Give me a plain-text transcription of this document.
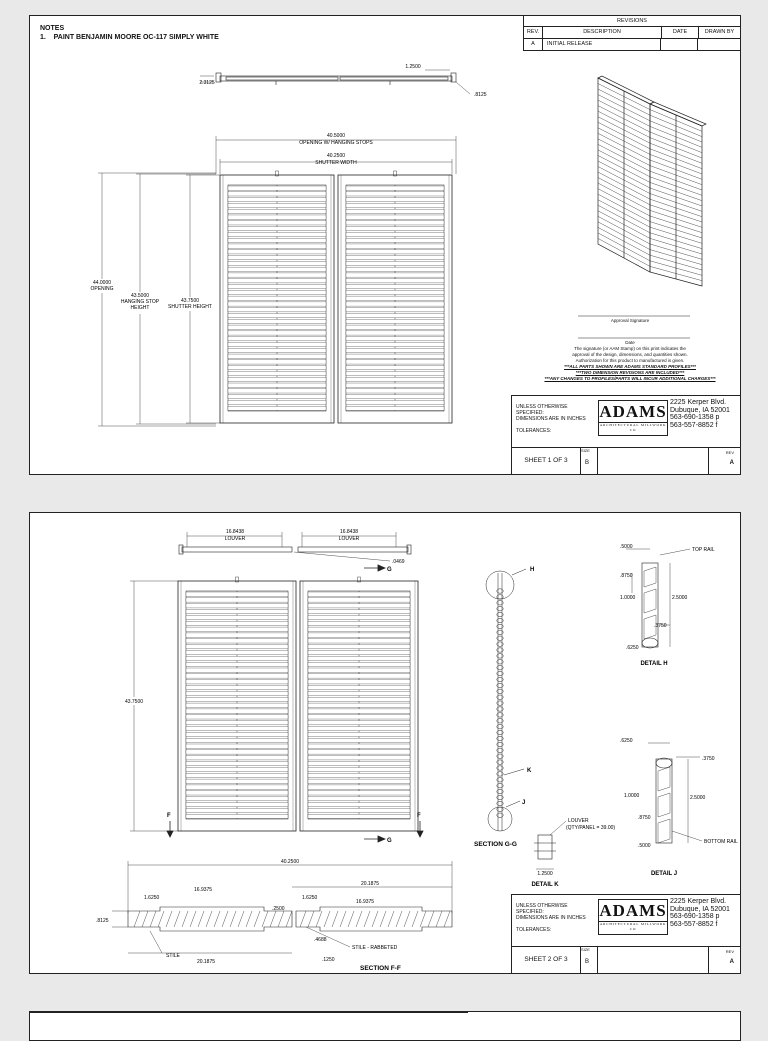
NOTES
1. PAINT BENJAMIN MOORE OC-117 SIMPLY WHITE
REVISIONS
REV.	DESCRIPTION	DATE	DRAWN BY
A	INITIAL RELEASE
2.3125
1.2500
.8125
40.5000
OPENING W/ HANGING STOPS
40.2500
SHUTTER WIDTH
44.0000
OPENING
43.5000
HANGING STOP
HEIGHT
43.7500
SHUTTER HEIGHT
Approval Signature
Date
The signature (or AAM Stamp) on this print indicates the
approval of the design, dimensions, and quantities shown.
Authorization for this product to manufactured is given.
***ALL PARTS SHOWN ARE ADAMS STANDARD PROFILES***
***TWO DIMENSION REVISIONS ARE INCLUDED***
***ANY CHANGES TO PROFILES/PARTS WILL INCUR ADDITIONAL CHARGES***
UNLESS OTHERWISE SPECIFIED:
DIMENSIONS ARE IN INCHES
TOLERANCES:
ADAMS
ARCHITECTURAL MILLWORK CO
2225 Kerper Blvd.
Dubuque, IA 52001
563-690-1358 p
563-557-8852 f
SHEET 1 OF 3
SIZE
B
REV
A
16.8438
LOUVER
16.8438
LOUVER
.0469
43.7500
F	F
G
G
H
K
J
SECTION G-G
LOUVER
(QTY/PANEL = 39.00)
1.2500
DETAIL K
.5000	TOP RAIL
.8750
1.0000	2.5000
.3750
.6250
DETAIL H
.6250
.3750
1.0000
.8750
2.5000
.5000
BOTTOM RAIL
DETAIL J
40.2500
20.1875
1.6250
16.9375
.2500
1.6250
16.9375
.8125
.4688
.1250
20.1875
STILE
STILE - RABBETED
SECTION F-F
UNLESS OTHERWISE SPECIFIED:
DIMENSIONS ARE IN INCHES
TOLERANCES:
ADAMS
ARCHITECTURAL MILLWORK CO
2225 Kerper Blvd.
Dubuque, IA 52001
563-690-1358 p
563-557-8852 f
SHEET 2 OF 3
SIZE
B
REV
A
